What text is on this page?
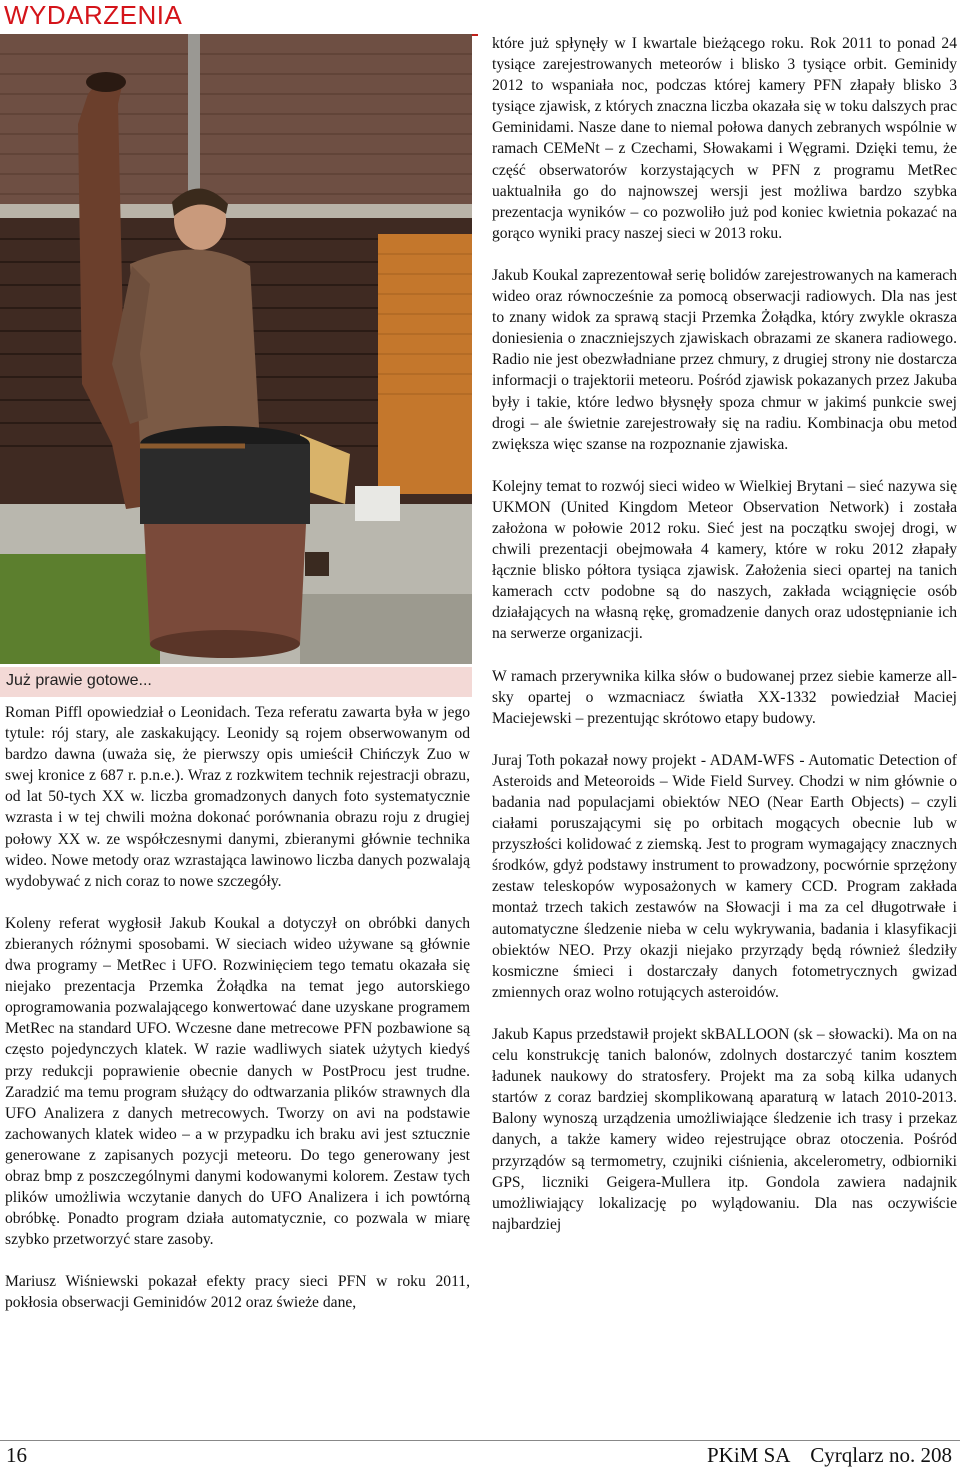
WYDARZENIA
Już prawie gotowe...

Roman Piffl opowiedział o Leonidach. Teza referatu zawarta była w jego tytule: rój stary, ale zaskakujący. Leonidy są rojem obserwowanym od bardzo dawna (uważa się, że pierwszy opis umieścił Chińczyk Zuo w swej kronice z 687 r. p.n.e.). Wraz z rozkwitem technik rejestracji obrazu, od lat 50-tych XX w. liczba gromadzonych danych foto systematycznie wzrasta i w tej chwili można dokonać porównania obrazu roju z drugiej połowy XX w. ze współczesnymi danymi, zbieranymi głównie technika wideo. Nowe metody oraz wzrastająca lawinowo liczba danych pozwalają wydobywać z nich coraz to nowe szczegóły.

Koleny referat wygłosił Jakub Koukal a dotyczył on obróbki danych zbieranych różnymi sposobami. W sieciach wideo używane są głównie dwa programy – MetRec i UFO. Rozwinięciem tego tematu okazała się niejako prezentacja Przemka Żołądka na temat jego autorskiego oprogramowania pozwalającego konwertować dane uzyskane programem MetRec na standard UFO. Wczesne dane metrecowe PFN pozbawione są często pojedynczych klatek. W razie wadliwych siatek użytych kiedyś przy redukcji poprawienie obecnie danych w PostProcu jest trudne. Zaradzić ma temu program służący do odtwarzania plików strawnych dla UFO Analizera z danych metrecowych. Tworzy on avi na podstawie zachowanych klatek wideo – a w przypadku ich braku avi jest sztucznie generowane z zapisanych pozycji meteoru. Do tego generowany jest obraz bmp z poszczególnymi danymi kodowanymi kolorem. Zestaw tych plików umożliwia wczytanie danych do UFO Analizera i ich powtórną obróbkę. Ponadto program działa automatycznie, co pozwala w miarę szybko przetworzyć stare zasoby.

Mariusz Wiśniewski pokazał efekty pracy sieci PFN w roku 2011, pokłosia obserwacji Geminidów 2012 oraz świeże dane,

które już spłynęły w I kwartale bieżącego roku. Rok 2011 to ponad 24 tysiące zarejestrowanych meteorów i blisko 3 tysiące orbit. Geminidy 2012 to wspaniała noc, podczas której kamery PFN złapały blisko 3 tysiące zjawisk, z których znaczna liczba okazała się w toku dalszych prac Geminidami. Nasze dane to niemal połowa danych zebranych wspólnie w ramach CEMeNt – z Czechami, Słowakami i Węgrami. Dzięki temu, że część obserwatorów korzystających w PFN z programu MetRec uaktualniła go do najnowszej wersji jest możliwa bardzo szybka prezentacja wyników – co pozwoliło już pod koniec kwietnia pokazać na gorąco wyniki pracy naszej sieci w 2013 roku.

Jakub Koukal zaprezentował serię bolidów zarejestrowanych na kamerach wideo oraz równocześnie za pomocą obserwacji radiowych. Dla nas jest to znany widok za sprawą stacji Przemka Żołądka, który zwykle okrasza doniesienia o znaczniejszych zjawiskach obrazami ze skanera radiowego. Radio nie jest obezwładniane przez chmury, z drugiej strony nie dostarcza informacji o trajektorii meteoru. Pośród zjawisk pokazanych przez Jakuba były i takie, które ledwo błysnęły spoza chmur w jakimś punkcie swej drogi – ale świetnie zarejestrowały się na radiu. Kombinacja obu metod zwiększa więc szanse na rozpoznanie zjawiska.

Kolejny temat to rozwój sieci wideo w Wielkiej Brytani – sieć nazywa się UKMON (United Kingdom Meteor Observation Network) i została założona w połowie 2012 roku. Sieć jest na początku swojej drogi, w chwili prezentacji obejmowała 4 kamery, które w roku 2012 złapały łącznie blisko półtora tysiąca zjawisk. Założenia sieci opartej na tanich kamerach cctv podobne są do naszych, zakłada wciągnięcie osób działających na własną rękę, gromadzenie danych oraz udostępnianie ich na serwerze organizacji.

W ramach przerywnika kilka słów o budowanej przez siebie kamerze all-sky opartej o wzmacniacz światła XX-1332 powiedział Maciej Maciejewski – prezentując skrótowo etapy budowy.

Juraj Toth pokazał nowy projekt - ADAM-WFS - Automatic Detection of Asteroids and Meteoroids – Wide Field Survey. Chodzi w nim głównie o badania nad populacjami obiektów NEO (Near Earth Objects) – czyli ciałami poruszającymi się po orbitach mogących obecnie lub w przyszłości kolidować z ziemską. Jest to program wymagający znacznych środków, gdyż podstawy instrument to prowadzony, pocwórnie sprzężony zestaw teleskopów wyposażonych w kamery CCD. Program zakłada montaż trzech takich zestawów na Słowacji i ma za cel długotrwałe i automatyczne śledzenie nieba w celu wykrywania, badania i klasyfikacji obiektów NEO. Przy okazji niejako przyrządy będą również śledziły kosmiczne śmieci i dostarczały danych fotometrycznych gwizad zmiennych oraz wolno rotujących asteroidów.

Jakub Kapus przedstawił projekt skBALLOON (sk – słowacki). Ma on na celu konstrukcję tanich balonów, zdolnych dostarczyć tanim kosztem ładunek naukowy do stratosfery. Projekt ma za sobą kilka udanych startów z coraz bardziej skomplikowaną aparaturą w latach 2010-2013. Balony wynoszą urządzenia umożliwiające śledzenie ich trasy i przekaz danych, a także kamery wideo rejestrujące obraz otoczenia. Pośród przyrządów są termometry, czujniki ciśnienia, akcelerometry, odbiorniki GPS, liczniki Geigera-Mullera itp. Gondola zawiera nadajnik umożliwiający lokalizację po wylądowaniu. Dla nas oczywiście najbardziej

16	PKiM SA    Cyrqlarz no. 208
